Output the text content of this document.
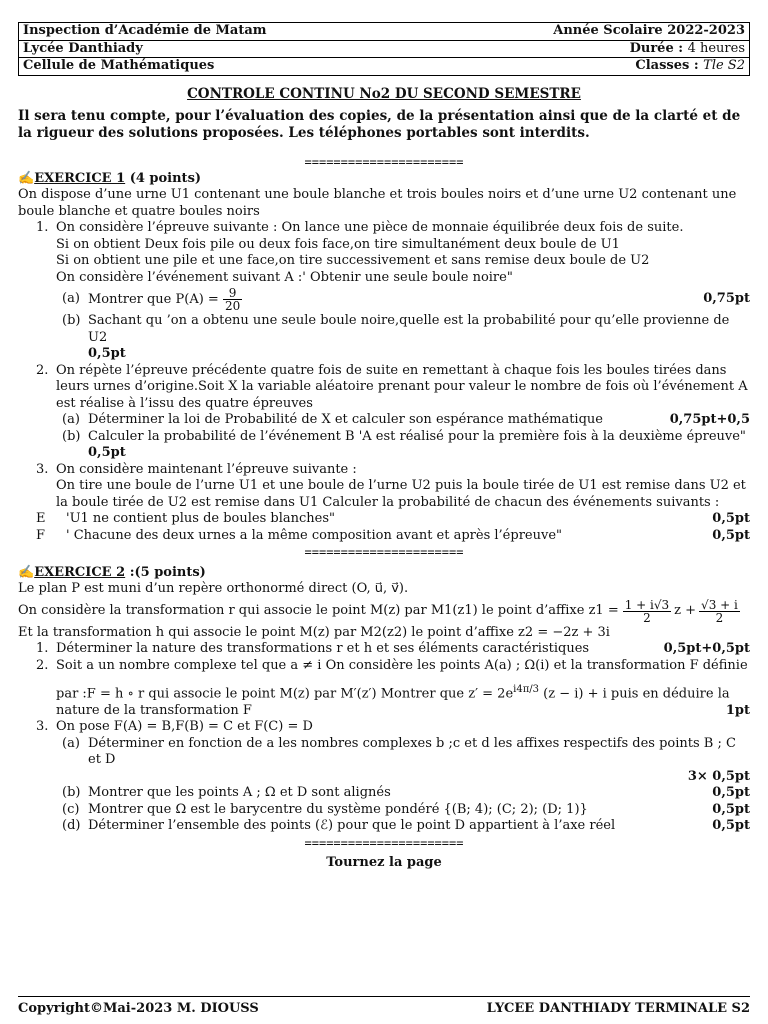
Inspection d’Académie de Matam	Année Scolaire 2022-2023
Lycée Danthiady	Durée : 4 heures
Cellule de Mathématiques	Classes : Tle S2
CONTROLE CONTINU No2 DU SECOND SEMESTRE
Il sera tenu compte, pour l’évaluation des copies, de la présentation ainsi que de la clarté et de la rigueur des solutions proposées. Les téléphones portables sont interdits.
======================
✍EXERCICE 1 (4 points)
On dispose d’une urne U1 contenant une boule blanche et trois boules noirs et d’une urne U2 contenant une boule blanche et quatre boules noirs
1. On considère l’épreuve suivante : On lance une pièce de monnaie équilibrée deux fois de suite.
Si on obtient Deux fois pile ou deux fois face,on tire simultanément deux boule de U1
Si on obtient une pile et une face,on tire successivement et sans remise deux boule de U2
On considère l’événement suivant A :' Obtenir une seule boule noire"
(a) Montrer que $P(A) = \frac{9}{20}$	0,75pt
(b) Sachant qu ’on a obtenu une seule boule noire,quelle est la probabilité pour qu’elle provienne de U2
0,5pt
2. On répète l’épreuve précédente quatre fois de suite en remettant à chaque fois les boules tirées dans leurs urnes d’origine.Soit X la variable aléatoire prenant pour valeur le nombre de fois où l’événement A est réalise à l’issu des quatre épreuves
(a) Déterminer la loi de Probabilité de X et calculer son espérance mathématique	0,75pt+0,5
(b) Calculer la probabilité de l’événement B 'A est réalisé pour la première fois à la deuxième épreuve"
0,5pt
3. On considère maintenant l’épreuve suivante :
On tire une boule de l’urne U1 et une boule de l’urne U2 puis la boule tirée de U1 est remise dans U2 et la boule tirée de U2 est remise dans U1 Calculer la probabilité de chacun des événements suivants :
E	'U1 ne contient plus de boules blanches"	0,5pt
F	' Chacune des deux urnes a la même composition avant et après l’épreuve"	0,5pt
======================
✍EXERCICE 2 :(5 points)
Le plan P est muni d’un repère orthonormé direct (O, u⃗, v⃗).
On considère la transformation r qui associe le point M(z) par M1(z1) le point d’affixe $z1 = \frac{1 + i√3}{2}$ $z + \frac{√3 + i}{2}$
Et la transformation h qui associe le point M(z) par M2(z2) le point d’affixe z2 = −2z + 3i
1. Déterminer la nature des transformations r et h et ses éléments caractéristiques	0,5pt+0,5pt
2. Soit a un nombre complexe tel que a ≠ i On considère les points A(a) ; Ω(i) et la transformation F définie
par :F = h ∘ r qui associe le point M(z) par M′(z′) Montrer que $z' = 2e^{i4\pi/3}$ (z − i) + i puis en déduire la
nature de la transformation F	1pt
3. On pose F(A) = B,F(B) = C et F(C) = D
(a) Déterminer en fonction de a les nombres complexes b ;c et d les affixes respectifs des points B ; C et D
3× 0,5pt
(b) Montrer que les points A ; Ω et D sont alignés	0,5pt
(c) Montrer que Ω est le barycentre du système pondéré {(B; 4); (C; 2); (D; 1)}	0,5pt
(d) Déterminer l’ensemble des points (ℰ) pour que le point D appartient à l’axe réel	0,5pt
======================
Tournez la page
Copyright©Mai-2023 M. DIOUSS	LYCEE DANTHIADY TERMINALE S2
